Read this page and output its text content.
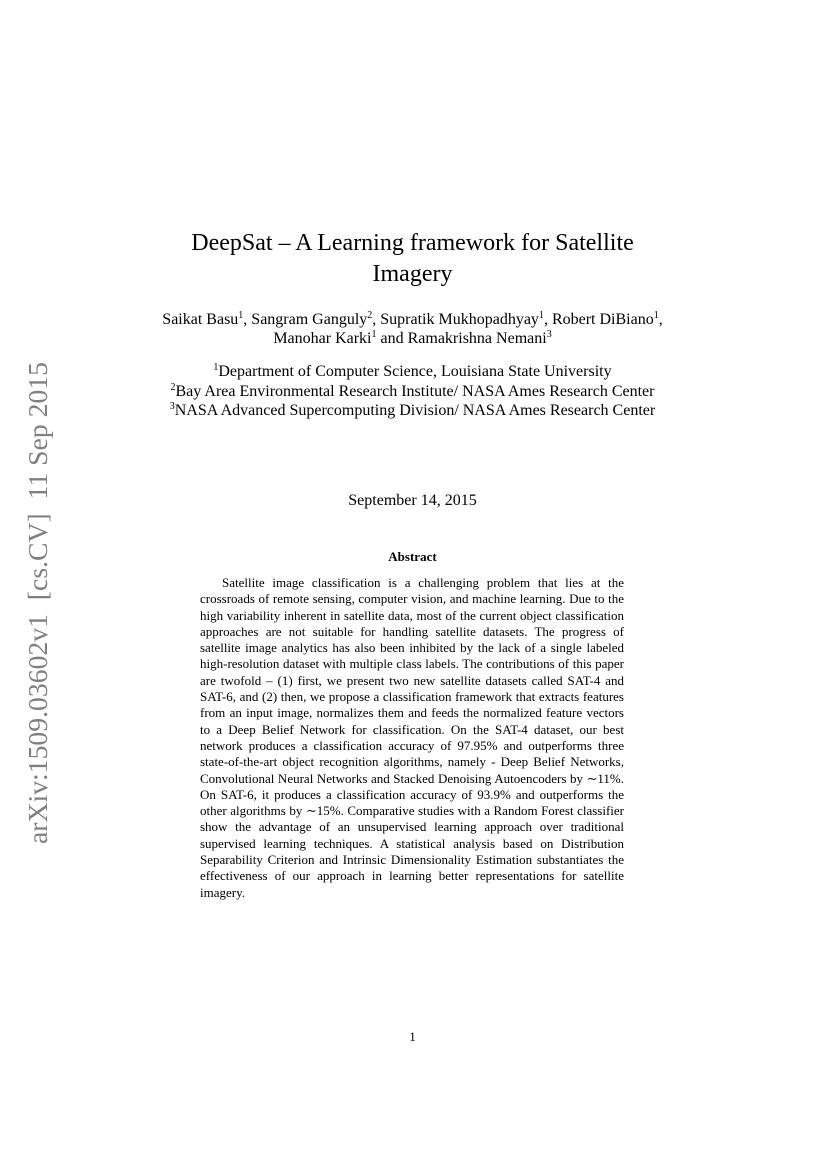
arXiv:1509.03602v1  [cs.CV]  11 Sep 2015
DeepSat – A Learning framework for Satellite Imagery
Saikat Basu$^1$, Sangram Ganguly$^2$, Supratik Mukhopadhyay$^1$, Robert DiBiano$^1$, Manohar Karki$^1$ and Ramakrishna Nemani$^3$
$^1$Department of Computer Science, Louisiana State University
$^2$Bay Area Environmental Research Institute/ NASA Ames Research Center
$^3$NASA Advanced Supercomputing Division/ NASA Ames Research Center
September 14, 2015
Abstract
Satellite image classification is a challenging problem that lies at the crossroads of remote sensing, computer vision, and machine learning. Due to the high variability inherent in satellite data, most of the current object classification approaches are not suitable for handling satellite datasets. The progress of satellite image analytics has also been inhibited by the lack of a single labeled high-resolution dataset with multiple class labels. The contributions of this paper are twofold – (1) first, we present two new satellite datasets called SAT-4 and SAT-6, and (2) then, we propose a classification framework that extracts features from an input image, normalizes them and feeds the normalized feature vectors to a Deep Belief Network for classification. On the SAT-4 dataset, our best network produces a classification accuracy of 97.95% and outperforms three state-of-the-art object recognition algorithms, namely - Deep Belief Networks, Convolutional Neural Networks and Stacked Denoising Autoencoders by ∼11%. On SAT-6, it produces a classification accuracy of 93.9% and outperforms the other algorithms by ∼15%. Comparative studies with a Random Forest classifier show the advantage of an unsupervised learning approach over traditional supervised learning techniques. A statistical analysis based on Distribution Separability Criterion and Intrinsic Dimensionality Estimation substantiates the effectiveness of our approach in learning better representations for satellite imagery.
1
